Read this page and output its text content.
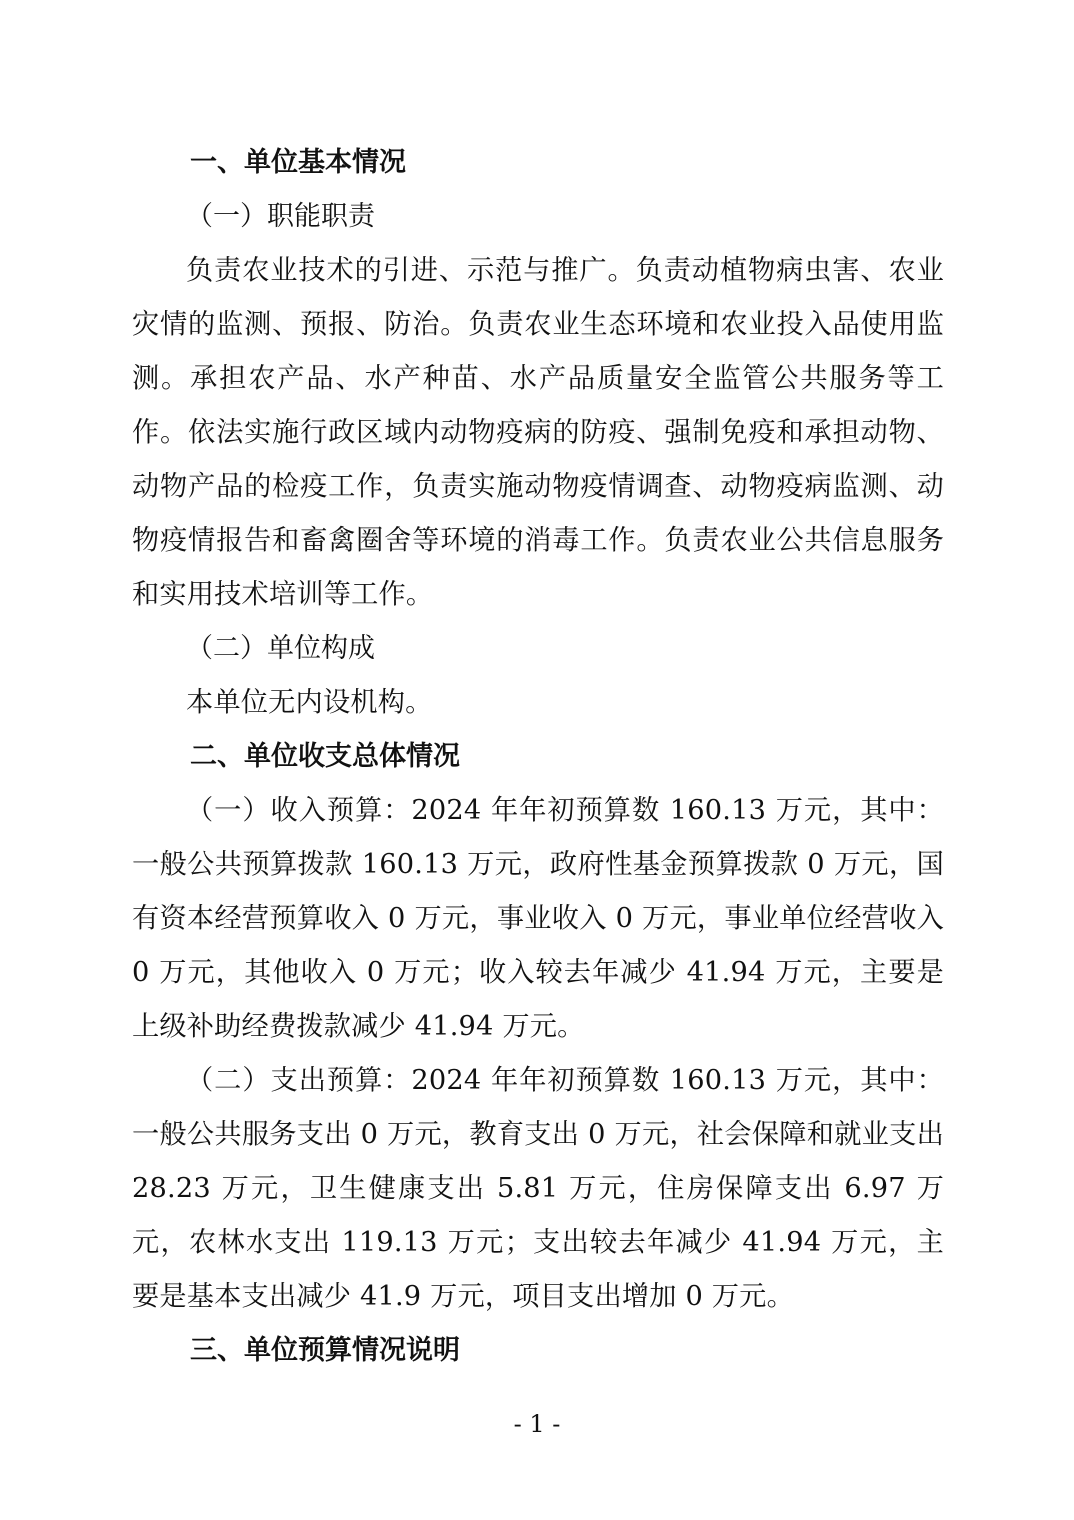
一、单位基本情况

（一）职能职责

负责农业技术的引进、示范与推广。负责动植物病虫害、农业灾情的监测、预报、防治。负责农业生态环境和农业投入品使用监测。承担农产品、水产种苗、水产品质量安全监管公共服务等工作。依法实施行政区域内动物疫病的防疫、强制免疫和承担动物、动物产品的检疫工作，负责实施动物疫情调查、动物疫病监测、动物疫情报告和畜禽圈舍等环境的消毒工作。负责农业公共信息服务和实用技术培训等工作。

（二）单位构成

本单位无内设机构。

二、单位收支总体情况

（一）收入预算：2024 年年初预算数 160.13 万元，其中：一般公共预算拨款 160.13 万元，政府性基金预算拨款 0 万元，国有资本经营预算收入 0 万元，事业收入 0 万元，事业单位经营收入 0 万元，其他收入 0 万元；收入较去年减少 41.94 万元，主要是上级补助经费拨款减少 41.94 万元。

（二）支出预算：2024 年年初预算数 160.13 万元，其中：一般公共服务支出 0 万元，教育支出 0 万元，社会保障和就业支出 28.23 万元，卫生健康支出 5.81 万元，住房保障支出 6.97 万元，农林水支出 119.13 万元；支出较去年减少 41.94 万元，主要是基本支出减少 41.9 万元，项目支出增加 0 万元。

三、单位预算情况说明

- 1 -
